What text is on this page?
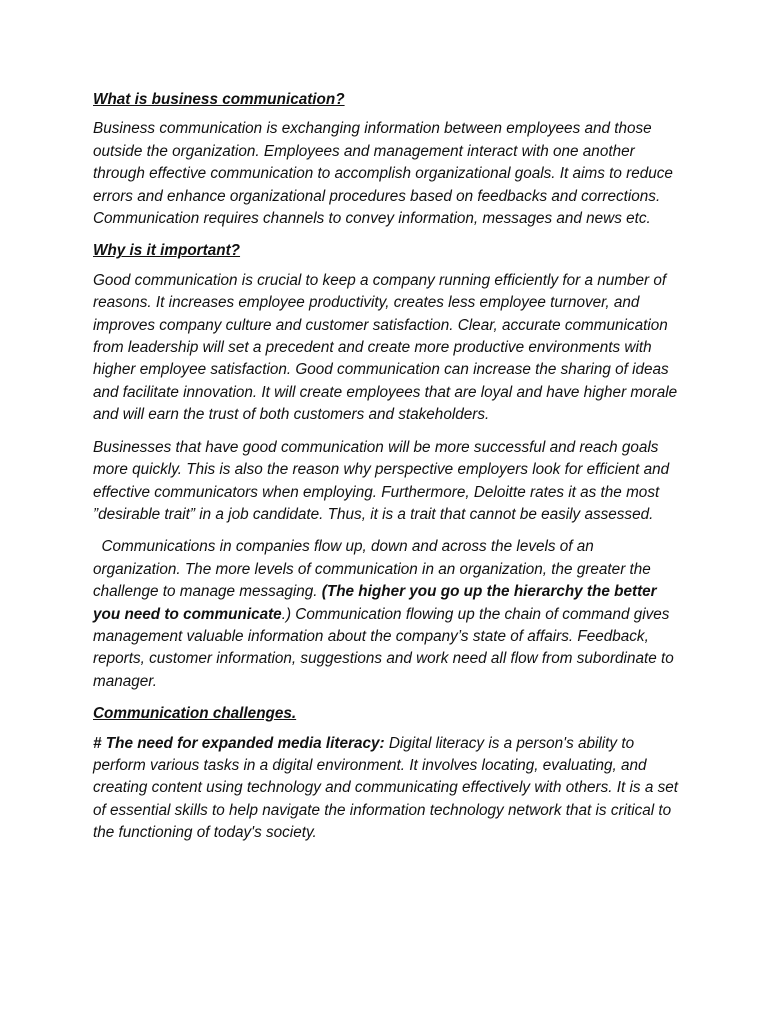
What is business communication?

Business communication is exchanging information between employees and those outside the organization. Employees and management interact with one another through effective communication to accomplish organizational goals. It aims to reduce errors and enhance organizational procedures based on feedbacks and corrections. Communication requires channels to convey information, messages and news etc.

Why is it important?

Good communication is crucial to keep a company running efficiently for a number of reasons. It increases employee productivity, creates less employee turnover, and improves company culture and customer satisfaction. Clear, accurate communication from leadership will set a precedent and create more productive environments with higher employee satisfaction. Good communication can increase the sharing of ideas and facilitate innovation. It will create employees that are loyal and have higher morale and will earn the trust of both customers and stakeholders.

Businesses that have good communication will be more successful and reach goals more quickly. This is also the reason why perspective employers look for efficient and effective communicators when employing. Furthermore, Deloitte rates it as the most ”desirable trait” in a job candidate. Thus, it is a trait that cannot be easily assessed.

Communications in companies flow up, down and across the levels of an organization. The more levels of communication in an organization, the greater the challenge to manage messaging. (The higher you go up the hierarchy the better you need to communicate.) Communication flowing up the chain of command gives management valuable information about the company’s state of affairs. Feedback, reports, customer information, suggestions and work need all flow from subordinate to manager.

Communication challenges.

# The need for expanded media literacy: Digital literacy is a person's ability to perform various tasks in a digital environment. It involves locating, evaluating, and creating content using technology and communicating effectively with others. It is a set of essential skills to help navigate the information technology network that is critical to the functioning of today's society.
